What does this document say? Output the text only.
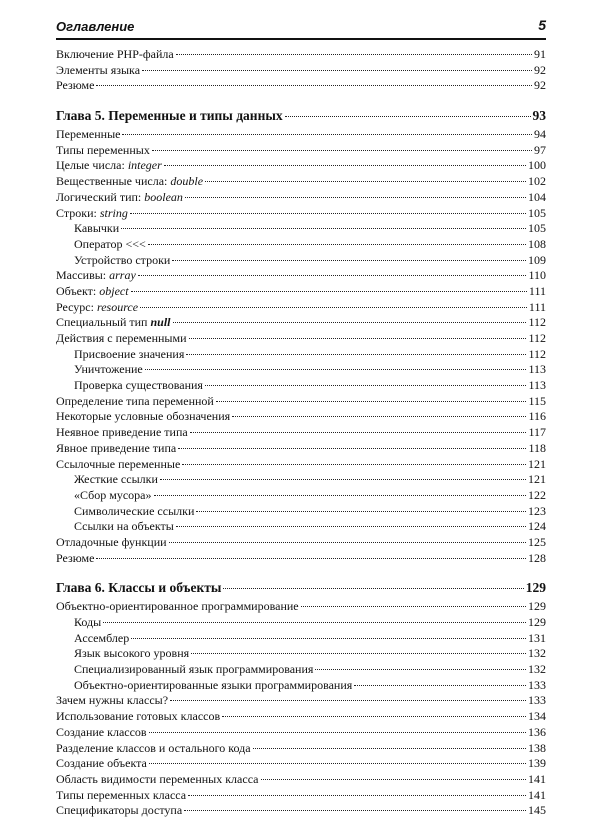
Оглавление	5
Включение PHP-файла	91
Элементы языка	92
Резюме	92
Глава 5. Переменные и типы данных	93
Переменные	94
Типы переменных	97
Целые числа: integer	100
Вещественные числа: double	102
Логический тип: boolean	104
Строки: string	105
Кавычки	105
Оператор <<<	108
Устройство строки	109
Массивы: array	110
Объект: object	111
Ресурс: resource	111
Специальный тип null	112
Действия с переменными	112
Присвоение значения	112
Уничтожение	113
Проверка существования	113
Определение типа переменной	115
Некоторые условные обозначения	116
Неявное приведение типа	117
Явное приведение типа	118
Ссылочные переменные	121
Жесткие ссылки	121
«Сбор мусора»	122
Символические ссылки	123
Ссылки на объекты	124
Отладочные функции	125
Резюме	128
Глава 6. Классы и объекты	129
Объектно-ориентированное программирование	129
Коды	129
Ассемблер	131
Язык высокого уровня	132
Специализированный язык программирования	132
Объектно-ориентированные языки программирования	133
Зачем нужны классы?	133
Использование готовых классов	134
Создание классов	136
Разделение классов и остального кода	138
Создание объекта	139
Область видимости переменных класса	141
Типы переменных класса	141
Спецификаторы доступа	145
